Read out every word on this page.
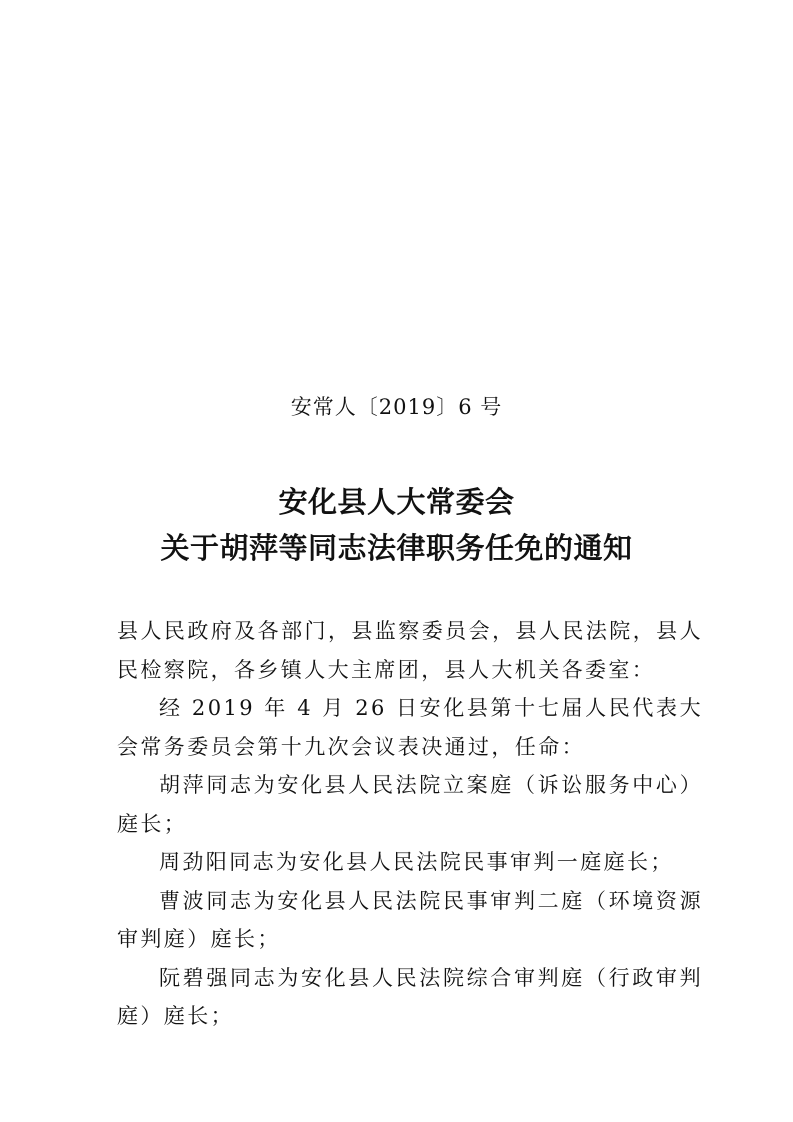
安常人〔2019〕6 号
安化县人大常委会
关于胡萍等同志法律职务任免的通知

县人民政府及各部门，县监察委员会，县人民法院，县人民检察院，各乡镇人大主席团，县人大机关各委室：

经 2019 年 4 月 26 日安化县第十七届人民代表大会常务委员会第十九次会议表决通过，任命：

胡萍同志为安化县人民法院立案庭（诉讼服务中心）庭长；

周劲阳同志为安化县人民法院民事审判一庭庭长；

曹波同志为安化县人民法院民事审判二庭（环境资源审判庭）庭长；

阮碧强同志为安化县人民法院综合审判庭（行政审判庭）庭长；
